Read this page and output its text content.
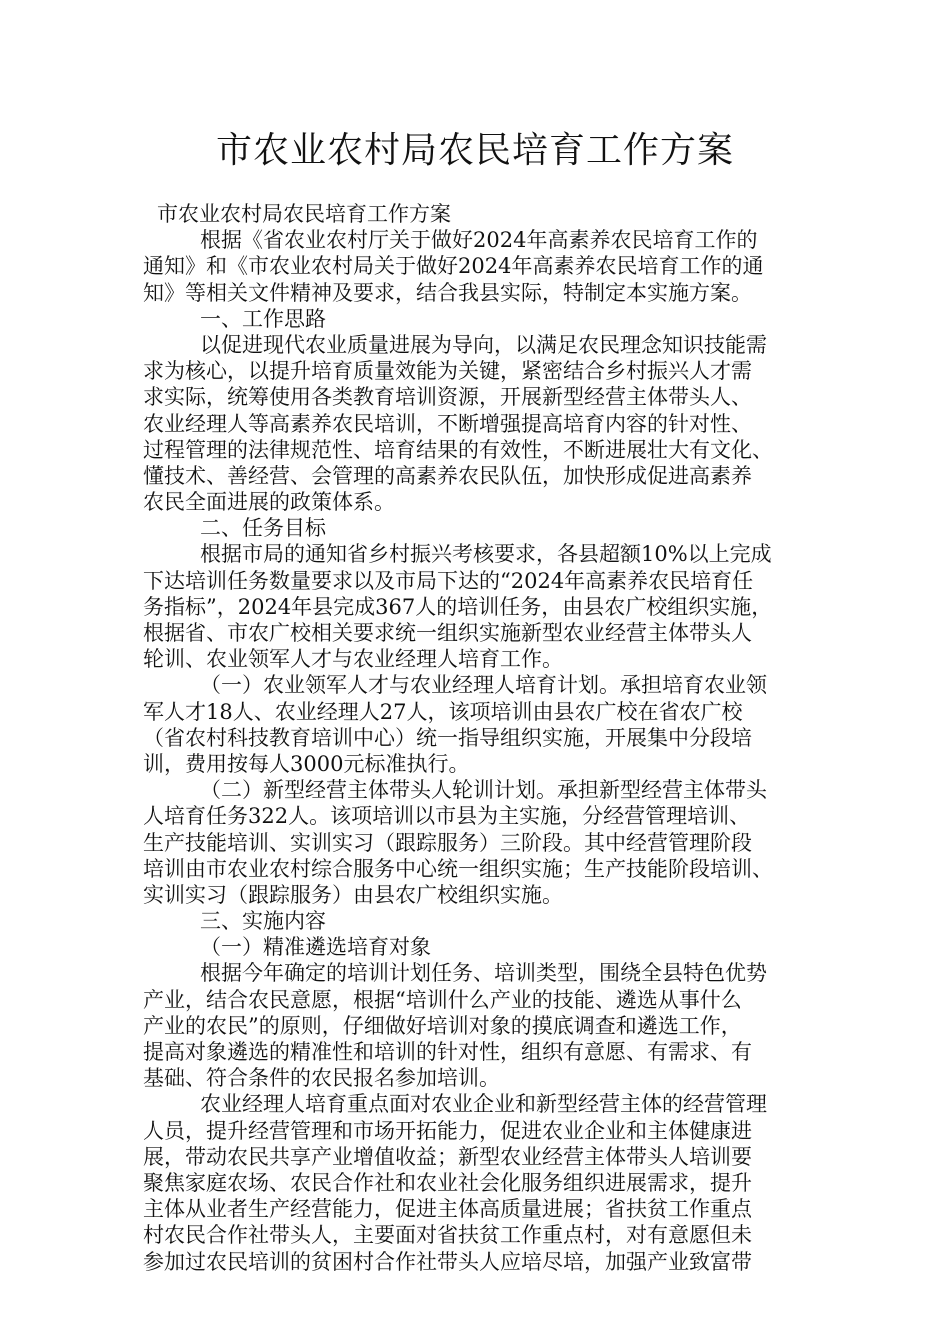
市农业农村局农民培育工作方案
市农业农村局农民培育工作方案
根据《省农业农村厅关于做好2024年高素养农民培育工作的
通知》和《市农业农村局关于做好2024年高素养农民培育工作的通
知》等相关文件精神及要求，结合我县实际，特制定本实施方案。
一、工作思路
以促进现代农业质量进展为导向，以满足农民理念知识技能需
求为核心，以提升培育质量效能为关键，紧密结合乡村振兴人才需
求实际，统筹使用各类教育培训资源，开展新型经营主体带头人、
农业经理人等高素养农民培训，不断增强提高培育内容的针对性、
过程管理的法律规范性、培育结果的有效性，不断进展壮大有文化、
懂技术、善经营、会管理的高素养农民队伍，加快形成促进高素养
农民全面进展的政策体系。
二、任务目标
根据市局的通知省乡村振兴考核要求，各县超额10%以上完成
下达培训任务数量要求以及市局下达的“2024年高素养农民培育任
务指标”，2024年县完成367人的培训任务，由县农广校组织实施，
根据省、市农广校相关要求统一组织实施新型农业经营主体带头人
轮训、农业领军人才与农业经理人培育工作。
（一）农业领军人才与农业经理人培育计划。承担培育农业领
军人才18人、农业经理人27人，该项培训由县农广校在省农广校
（省农村科技教育培训中心）统一指导组织实施，开展集中分段培
训，费用按每人3000元标准执行。
（二）新型经营主体带头人轮训计划。承担新型经营主体带头
人培育任务322人。该项培训以市县为主实施，分经营管理培训、
生产技能培训、实训实习（跟踪服务）三阶段。其中经营管理阶段
培训由市农业农村综合服务中心统一组织实施；生产技能阶段培训、
实训实习（跟踪服务）由县农广校组织实施。
三、实施内容
（一）精准遴选培育对象
根据今年确定的培训计划任务、培训类型，围绕全县特色优势
产业，结合农民意愿，根据“培训什么产业的技能、遴选从事什么
产业的农民”的原则，仔细做好培训对象的摸底调查和遴选工作，
提高对象遴选的精准性和培训的针对性，组织有意愿、有需求、有
基础、符合条件的农民报名参加培训。
农业经理人培育重点面对农业企业和新型经营主体的经营管理
人员，提升经营管理和市场开拓能力，促进农业企业和主体健康进
展，带动农民共享产业增值收益；新型农业经营主体带头人培训要
聚焦家庭农场、农民合作社和农业社会化服务组织进展需求，提升
主体从业者生产经营能力，促进主体高质量进展；省扶贫工作重点
村农民合作社带头人，主要面对省扶贫工作重点村，对有意愿但未
参加过农民培训的贫困村合作社带头人应培尽培，加强产业致富带
